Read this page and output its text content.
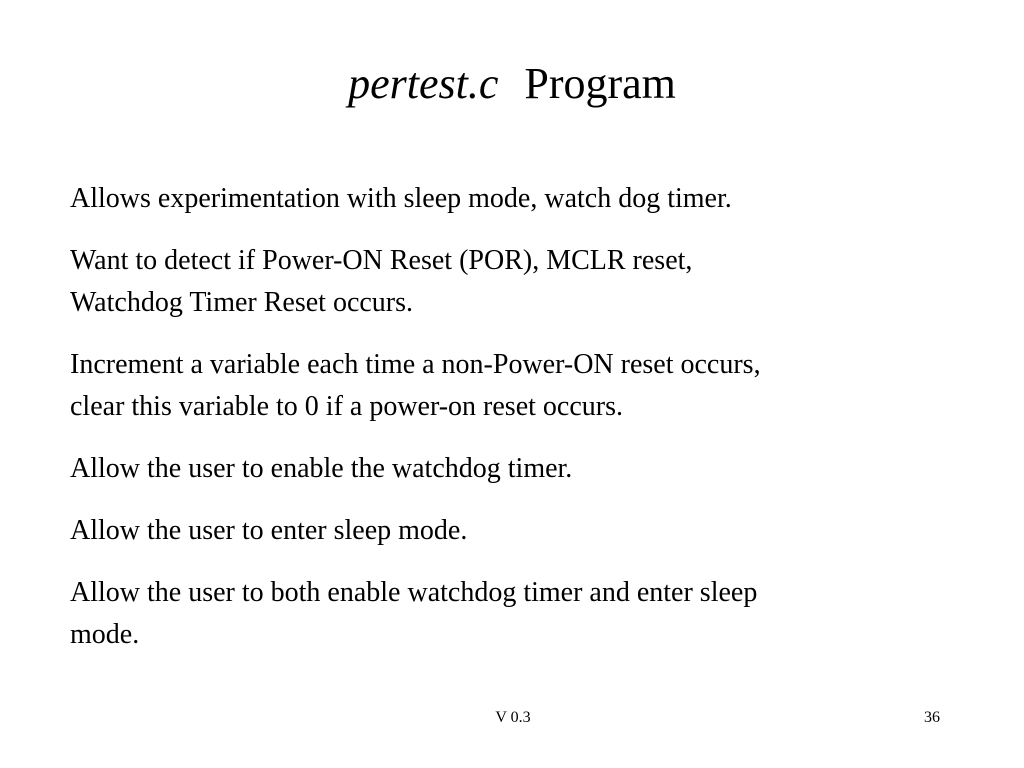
pertest.c Program

Allows experimentation with sleep mode, watch dog timer.

Want to detect if Power-ON Reset (POR), MCLR reset,
Watchdog Timer Reset occurs.

Increment a variable each time a non-Power-ON reset occurs,
clear this variable to 0 if a power-on reset occurs.

Allow the user to enable the watchdog timer.

Allow the user to enter sleep mode.

Allow the user to both enable watchdog timer and enter sleep
mode.

V 0.3	36
